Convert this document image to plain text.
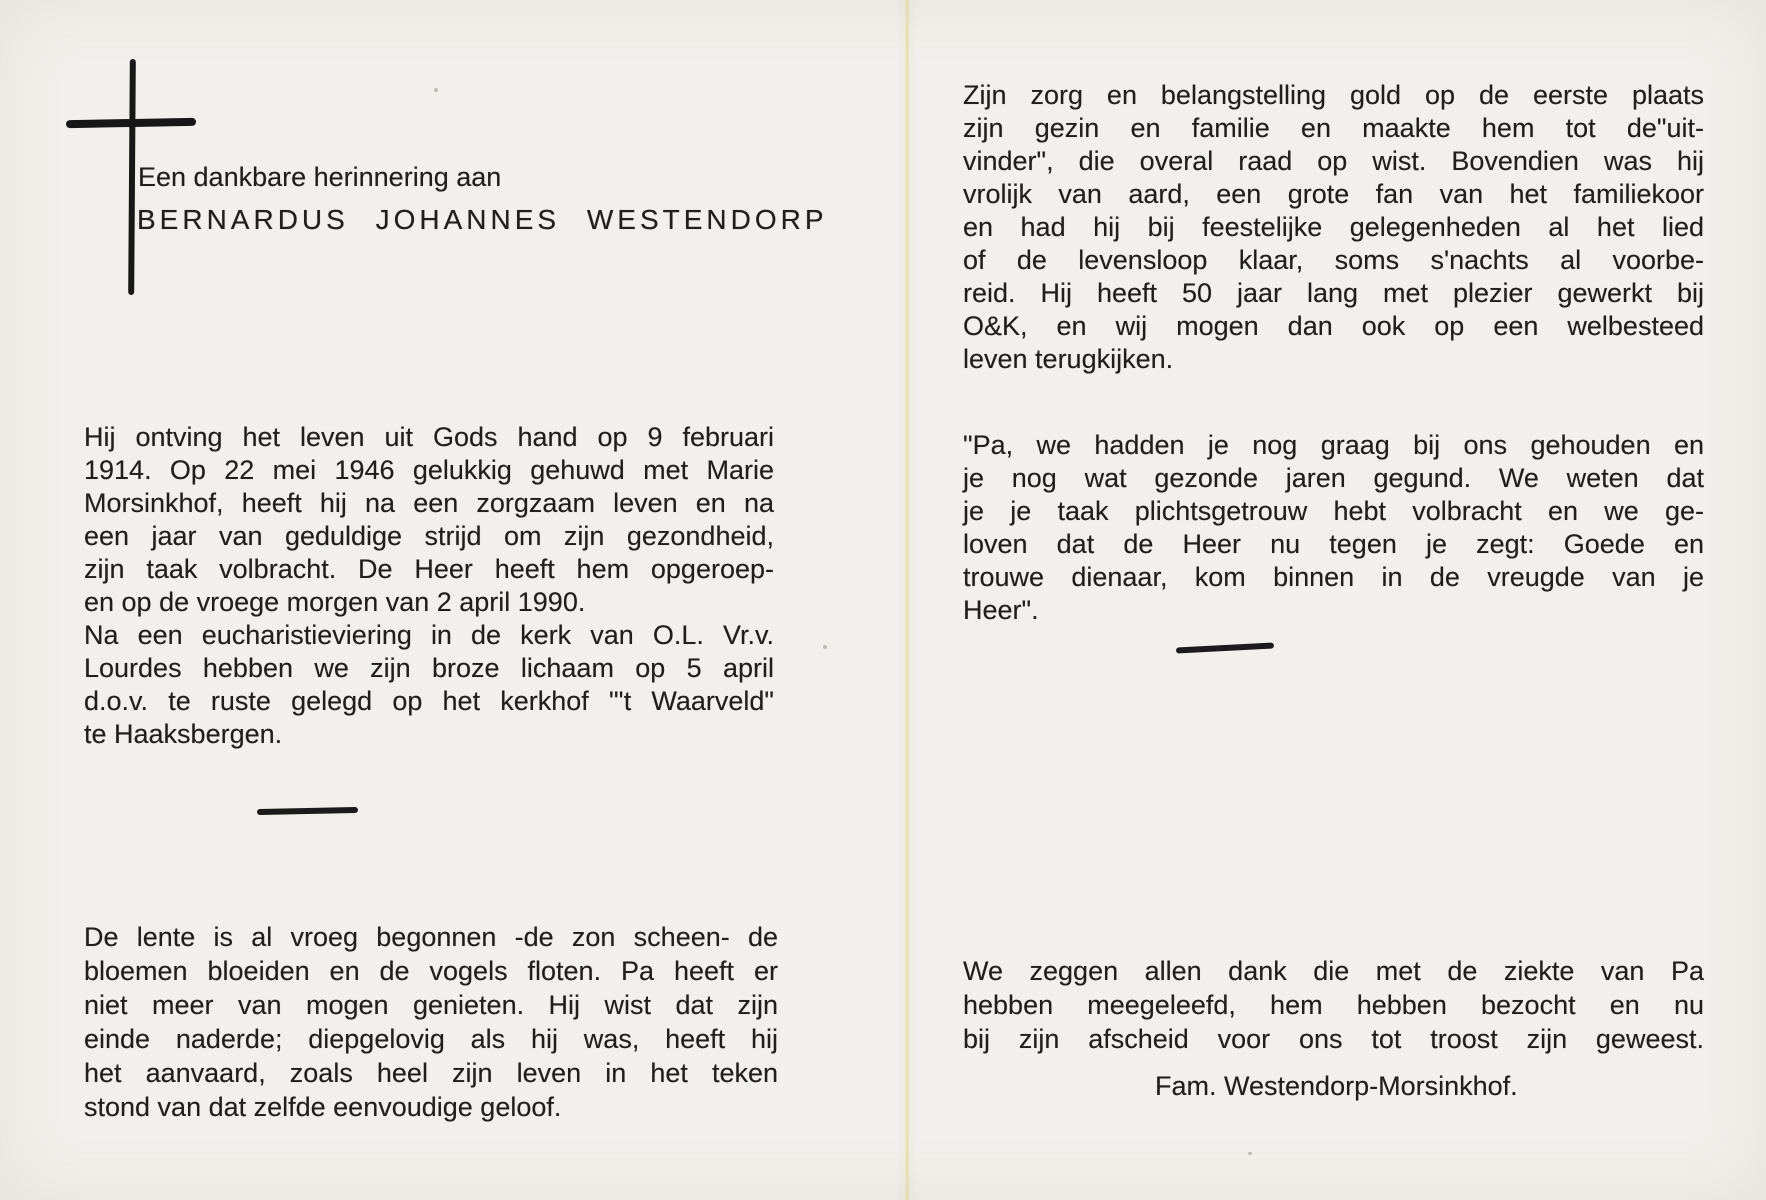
Een dankbare herinnering aan
BERNARDUS JOHANNES WESTENDORP
Hij ontving het leven uit Gods hand op 9 februari
1914. Op 22 mei 1946 gelukkig gehuwd met Marie
Morsinkhof, heeft hij na een zorgzaam leven en na
een jaar van geduldige strijd om zijn gezondheid,
zijn taak volbracht. De Heer heeft hem opgeroep-
en op de vroege morgen van 2 april 1990.
Na een eucharistieviering in de kerk van O.L. Vr.v.
Lourdes hebben we zijn broze lichaam op 5 april
d.o.v. te ruste gelegd op het kerkhof "'t Waarveld"
te Haaksbergen.
De lente is al vroeg begonnen -de zon scheen- de
bloemen bloeiden en de vogels floten. Pa heeft er
niet meer van mogen genieten. Hij wist dat zijn
einde naderde; diepgelovig als hij was, heeft hij
het aanvaard, zoals heel zijn leven in het teken
stond van dat zelfde eenvoudige geloof.
Zijn zorg en belangstelling gold op de eerste plaats
zijn gezin en familie en maakte hem tot de"uit-
vinder", die overal raad op wist. Bovendien was hij
vrolijk van aard, een grote fan van het familiekoor
en had hij bij feestelijke gelegenheden al het lied
of de levensloop klaar, soms s'nachts al voorbe-
reid. Hij heeft 50 jaar lang met plezier gewerkt bij
O&K, en wij mogen dan ook op een welbesteed
leven terugkijken.
"Pa, we hadden je nog graag bij ons gehouden en
je nog wat gezonde jaren gegund. We weten dat
je je taak plichtsgetrouw hebt volbracht en we ge-
loven dat de Heer nu tegen je zegt: Goede en
trouwe dienaar, kom binnen in de vreugde van je
Heer".
We zeggen allen dank die met de ziekte van Pa
hebben meegeleefd, hem hebben bezocht en nu
bij zijn afscheid voor ons tot troost zijn geweest.
Fam. Westendorp-Morsinkhof.
